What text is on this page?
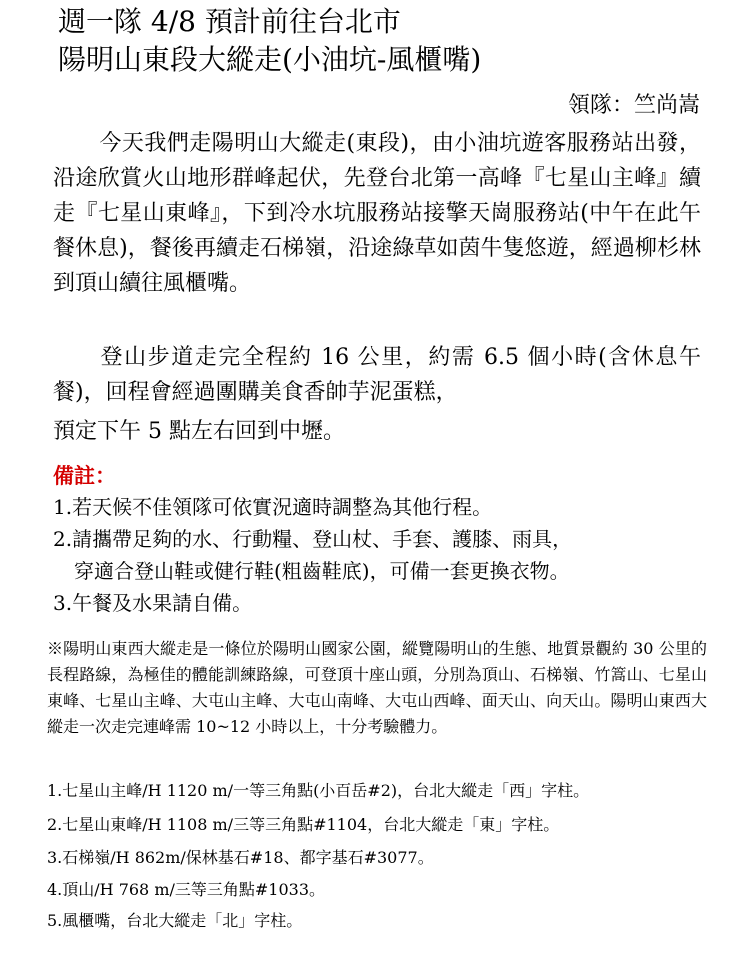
週一隊 4/8 預計前往台北市
陽明山東段大縱走(小油坑-風櫃嘴)
領隊：竺尚嵩
今天我們走陽明山大縱走(東段)，由小油坑遊客服務站出發，沿途欣賞火山地形群峰起伏，先登台北第一高峰『七星山主峰』續走『七星山東峰』，下到冷水坑服務站接擎天崗服務站(中午在此午餐休息)，餐後再續走石梯嶺，沿途綠草如茵牛隻悠遊，經過柳杉林到頂山續往風櫃嘴。
登山步道走完全程約 16 公里，約需 6.5 個小時(含休息午餐)，回程會經過團購美食香帥芋泥蛋糕，
預定下午 5 點左右回到中壢。
備註：
1.若天候不佳領隊可依實況適時調整為其他行程。
2.請攜帶足夠的水、行動糧、登山杖、手套、護膝、雨具，
穿適合登山鞋或健行鞋(粗齒鞋底)，可備一套更換衣物。
3.午餐及水果請自備。
※陽明山東西大縱走是一條位於陽明山國家公園，縱覽陽明山的生態、地質景觀約 30 公里的長程路線，為極佳的體能訓練路線，可登頂十座山頭，分別為頂山、石梯嶺、竹篙山、七星山東峰、七星山主峰、大屯山主峰、大屯山南峰、大屯山西峰、面天山、向天山。陽明山東西大縱走一次走完連峰需 10~12 小時以上，十分考驗體力。
1.七星山主峰/H 1120 m/一等三角點(小百岳#2)，台北大縱走「西」字柱。
2.七星山東峰/H 1108 m/三等三角點#1104，台北大縱走「東」字柱。
3.石梯嶺/H 862m/保林基石#18、都字基石#3077。
4.頂山/H 768 m/三等三角點#1033。
5.風櫃嘴，台北大縱走「北」字柱。
